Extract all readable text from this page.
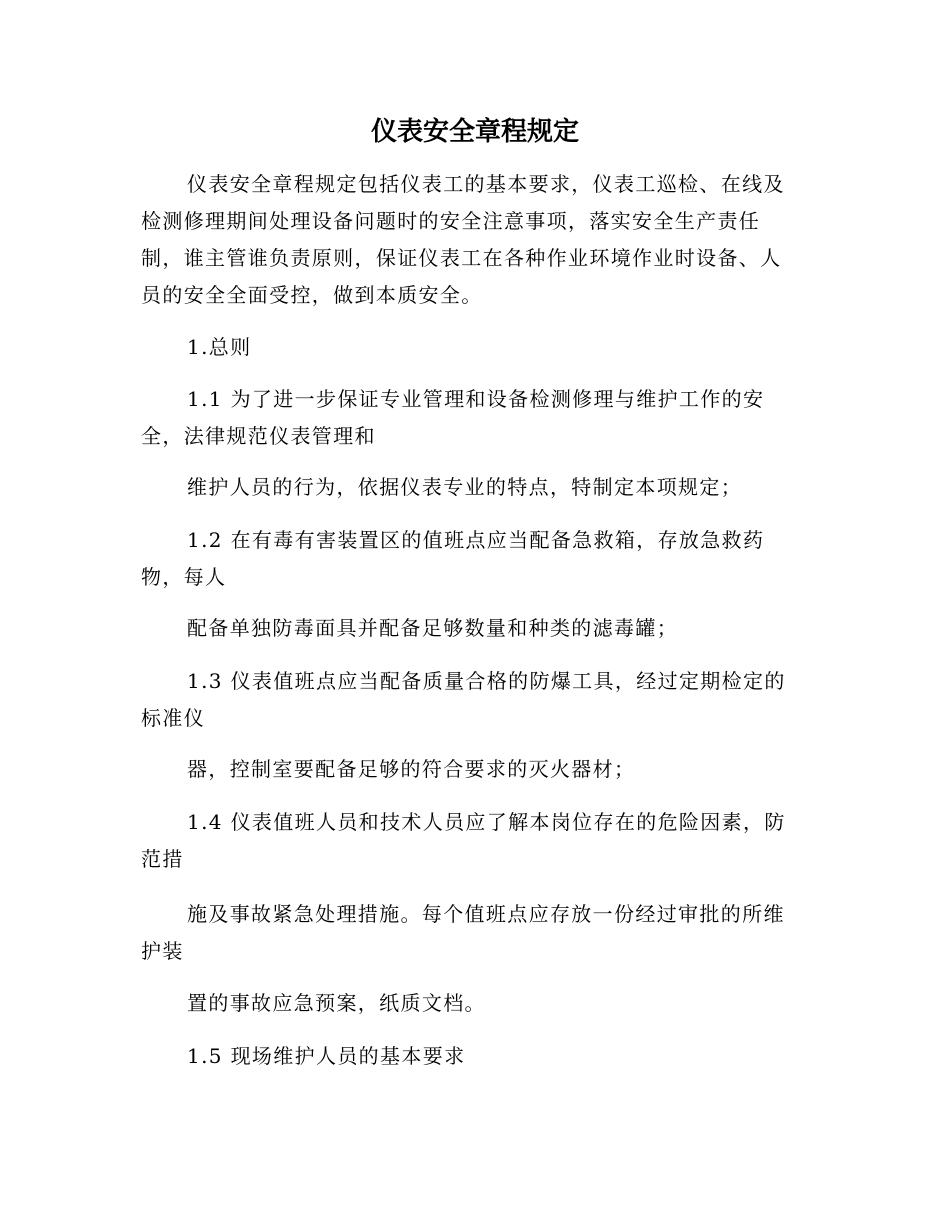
仪表安全章程规定
仪表安全章程规定包括仪表工的基本要求，仪表工巡检、在线及
检测修理期间处理设备问题时的安全注意事项，落实安全生产责任
制，谁主管谁负责原则，保证仪表工在各种作业环境作业时设备、人
员的安全全面受控，做到本质安全。
1.总则
1.1 为了进一步保证专业管理和设备检测修理与维护工作的安
全，法律规范仪表管理和
维护人员的行为，依据仪表专业的特点，特制定本项规定；
1.2 在有毒有害装置区的值班点应当配备急救箱，存放急救药
物，每人
配备单独防毒面具并配备足够数量和种类的滤毒罐；
1.3 仪表值班点应当配备质量合格的防爆工具，经过定期检定的
标准仪
器，控制室要配备足够的符合要求的灭火器材；
1.4 仪表值班人员和技术人员应了解本岗位存在的危险因素，防
范措
施及事故紧急处理措施。每个值班点应存放一份经过审批的所维
护装
置的事故应急预案，纸质文档。
1.5 现场维护人员的基本要求
